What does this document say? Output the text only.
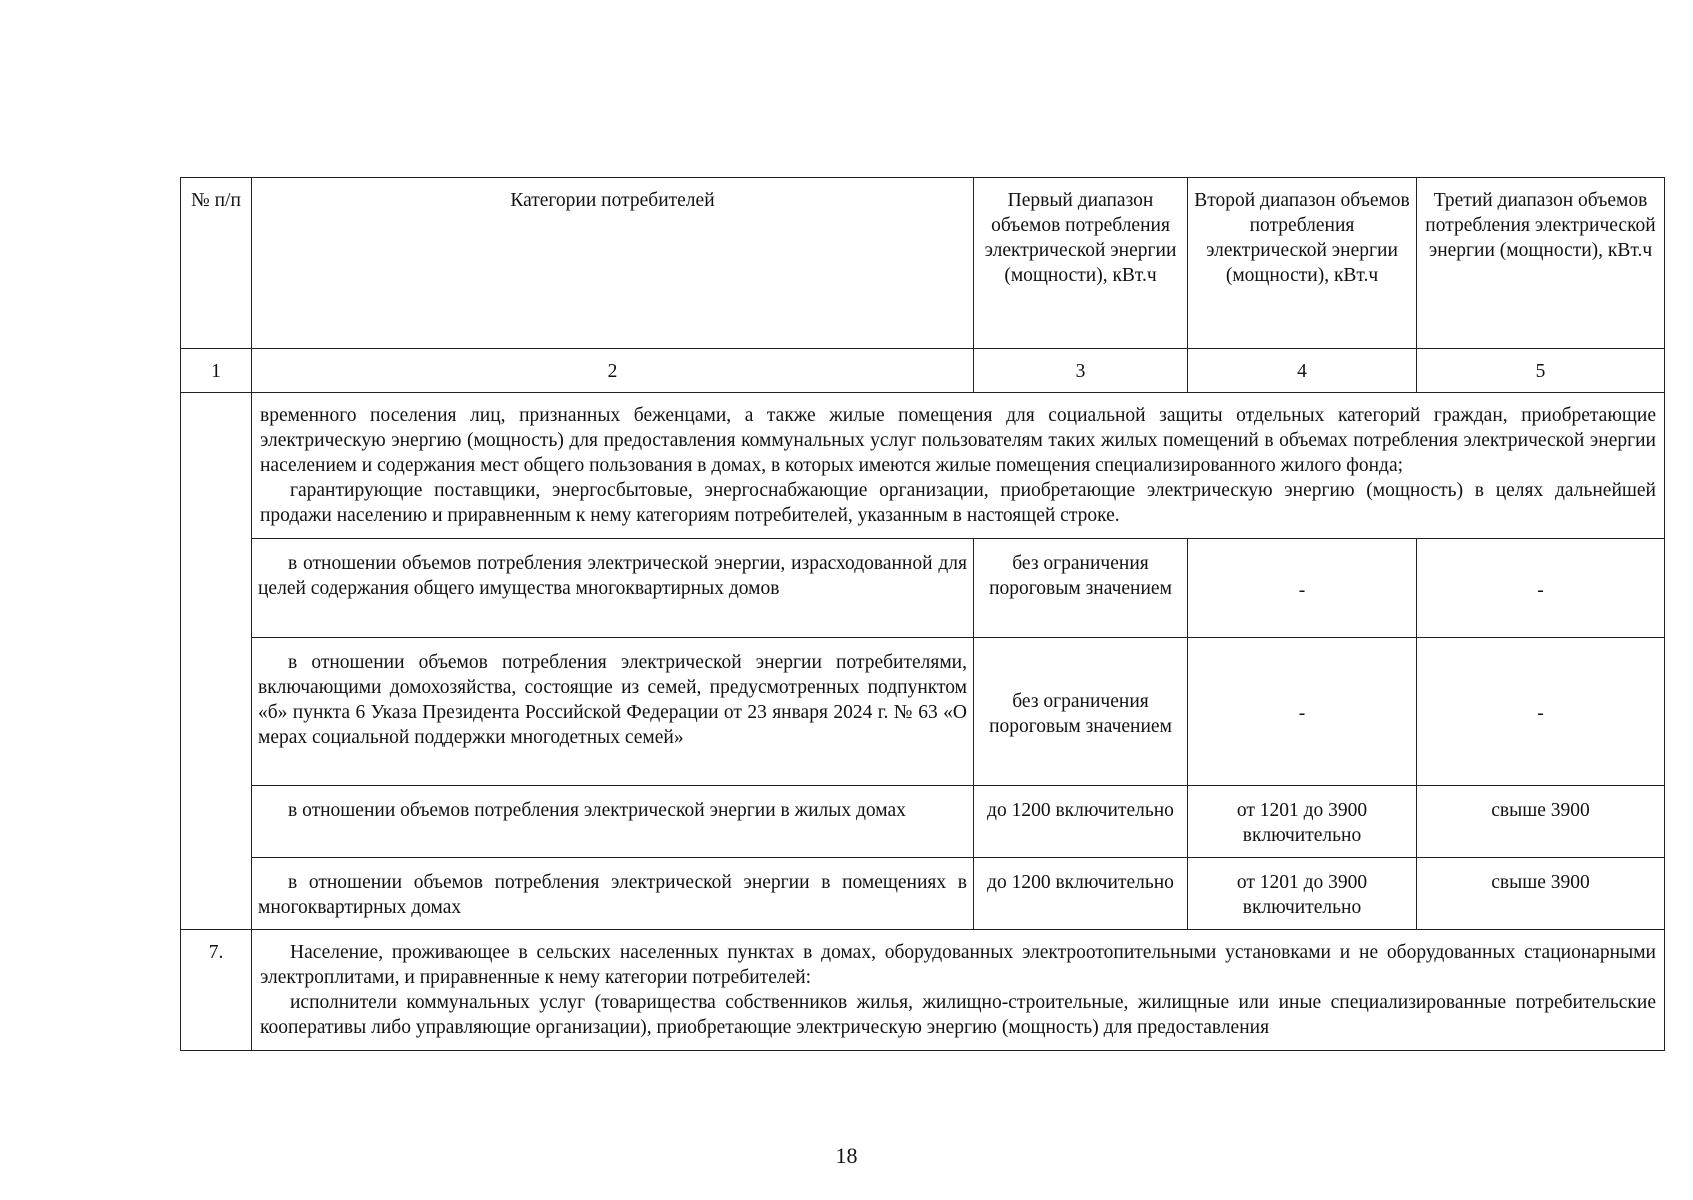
№ п/п	Категории потребителей	Первый диапазон объемов потребления электрической энергии (мощности), кВт.ч	Второй диапазон объемов потребления электрической энергии (мощности), кВт.ч	Третий диапазон объемов потребления электрической энергии (мощности), кВт.ч
1	2	3	4	5

	временного поселения лиц, признанных беженцами, а также жилые помещения для социальной защиты отдельных категорий граждан, приобретающие электрическую энергию (мощность) для предоставления коммунальных услуг пользователям таких жилых помещений в объемах потребления электрической энергии населением и содержания мест общего пользования в домах, в которых имеются жилые помещения специализированного жилого фонда;

гарантирующие поставщики, энергосбытовые, энергоснабжающие организации, приобретающие электрическую энергию (мощность) в целях дальнейшей продажи населению и приравненным к нему категориям потребителей, указанным в настоящей строке.			

	в отношении объемов потребления электрической энергии, израсходованной для целей содержания общего имущества многоквартирных домов	без ограничения пороговым значением	-	-
	в отношении объемов потребления электрической энергии потребителями, включающими домохозяйства, состоящие из семей, предусмотренных подпунктом «б» пункта 6 Указа Президента Российской Федерации от 23 января 2024 г. № 63 «О мерах социальной поддержки многодетных семей»	без ограничения пороговым значением	-	-
	в отношении объемов потребления электрической энергии в жилых домах	до 1200 включительно	от 1201 до 3900 включительно	свыше 3900
	в отношении объемов потребления электрической энергии в помещениях в многоквартирных домах	до 1200 включительно	от 1201 до 3900 включительно	свыше 3900
7.	Население, проживающее в сельских населенных пунктах в домах, оборудованных электроотопительными установками и не оборудованных стационарными электроплитами, и приравненные к нему категории потребителей:

исполнители коммунальных услуг (товарищества собственников жилья, жилищно-строительные, жилищные или иные специализированные потребительские кооперативы либо управляющие организации), приобретающие электрическую энергию (мощность) для предоставления			

18
